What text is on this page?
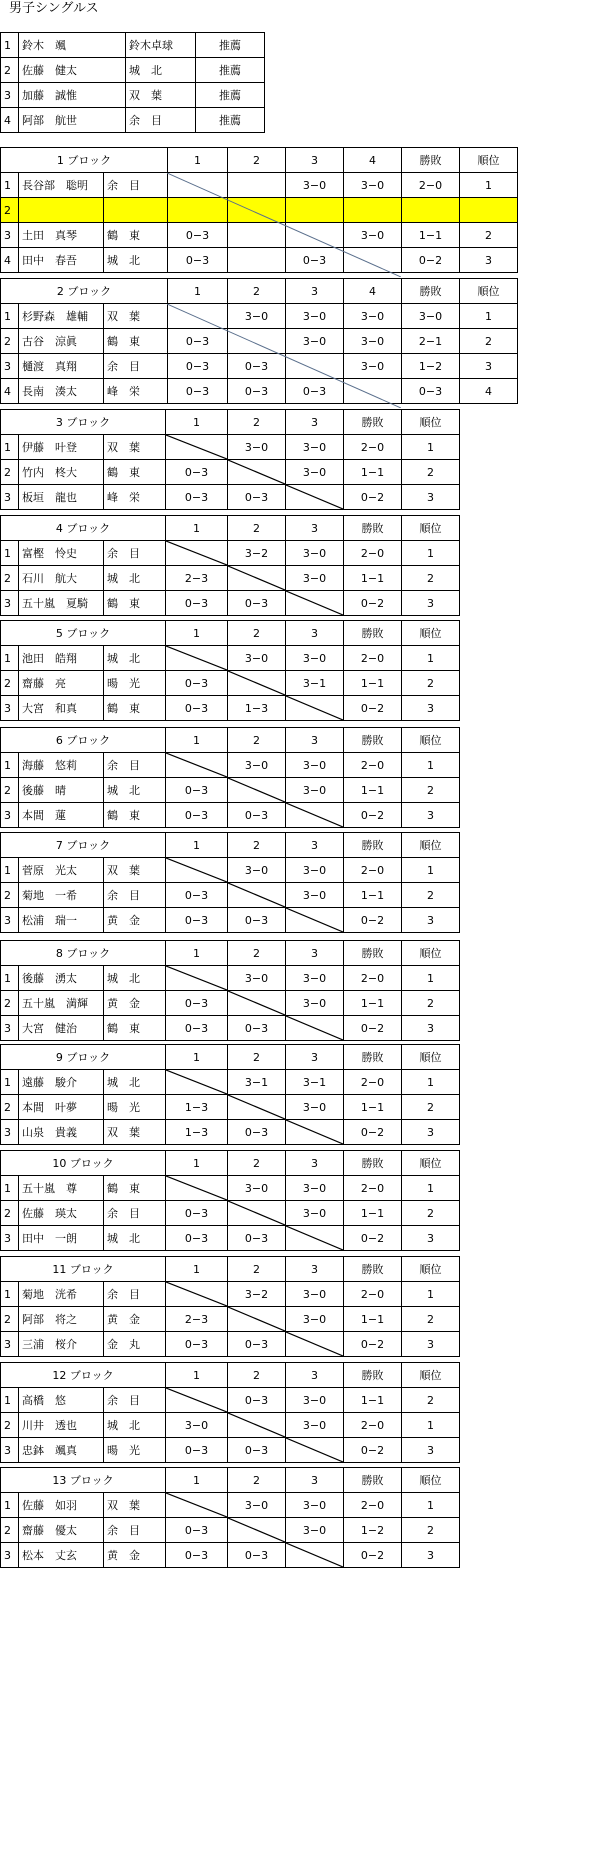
男子シングルス
1	鈴木　颯	鈴木卓球	推薦
2	佐藤　健太	城　北	推薦
3	加藤　誠惟	双　葉	推薦
4	阿部　航世	余　目	推薦
1 ブロック			1	2	3	4	勝敗	順位
1	長谷部　聡明	余　目			3−0	3−0	2−0	1
2								
3	土田　真琴	鶴　東	0−3			3−0	1−1	2
4	田中　春吾	城　北	0−3		0−3		0−2	3
2 ブロック			1	2	3	4	勝敗	順位
1	杉野森　雄輔	双　葉		3−0	3−0	3−0	3−0	1
2	古谷　涼眞	鶴　東	0−3		3−0	3−0	2−1	2
3	樋渡　真翔	余　目	0−3	0−3		3−0	1−2	3
4	長南　湊太	峰　栄	0−3	0−3	0−3		0−3	4
3 ブロック			1	2	3	勝敗	順位
1	伊藤　叶登	双　葉		3−0	3−0	2−0	1
2	竹内　柊大	鶴　東	0−3		3−0	1−1	2
3	板垣　龍也	峰　栄	0−3	0−3		0−2	3
4 ブロック			1	2	3	勝敗	順位
1	富樫　怜史	余　目		3−2	3−0	2−0	1
2	石川　航大	城　北	2−3		3−0	1−1	2
3	五十嵐　夏騎	鶴　東	0−3	0−3		0−2	3
5 ブロック			1	2	3	勝敗	順位
1	池田　皓翔	城　北		3−0	3−0	2−0	1
2	齋藤　亮	暘　光	0−3		3−1	1−1	2
3	大宮　和真	鶴　東	0−3	1−3		0−2	3
6 ブロック			1	2	3	勝敗	順位
1	海藤　悠莉	余　目		3−0	3−0	2−0	1
2	後藤　晴	城　北	0−3		3−0	1−1	2
3	本間　蓮	鶴　東	0−3	0−3		0−2	3
7 ブロック			1	2	3	勝敗	順位
1	菅原　光太	双　葉		3−0	3−0	2−0	1
2	菊地　一希	余　目	0−3		3−0	1−1	2
3	松浦　瑞一	黄　金	0−3	0−3		0−2	3
8 ブロック			1	2	3	勝敗	順位
1	後藤　湧太	城　北		3−0	3−0	2−0	1
2	五十嵐　満輝	黄　金	0−3		3−0	1−1	2
3	大宮　健治	鶴　東	0−3	0−3		0−2	3
9 ブロック			1	2	3	勝敗	順位
1	遠藤　駿介	城　北		3−1	3−1	2−0	1
2	本間　叶夢	暘　光	1−3		3−0	1−1	2
3	山泉　貴義	双　葉	1−3	0−3		0−2	3
10 ブロック			1	2	3	勝敗	順位
1	五十嵐　尊	鶴　東		3−0	3−0	2−0	1
2	佐藤　瑛太	余　目	0−3		3−0	1−1	2
3	田中　一朗	城　北	0−3	0−3		0−2	3
11 ブロック			1	2	3	勝敗	順位
1	菊地　洸希	余　目		3−2	3−0	2−0	1
2	阿部　将之	黄　金	2−3		3−0	1−1	2
3	三浦　桜介	金　丸	0−3	0−3		0−2	3
12 ブロック			1	2	3	勝敗	順位
1	高橋　悠	余　目		0−3	3−0	1−1	2
2	川井　透也	城　北	3−0		3−0	2−0	1
3	忠鉢　颯真	暘　光	0−3	0−3		0−2	3
13 ブロック			1	2	3	勝敗	順位
1	佐藤　如羽	双　葉		3−0	3−0	2−0	1
2	齋藤　優太	余　目	0−3		3−0	1−2	2
3	松本　丈玄	黄　金	0−3	0−3		0−2	3
